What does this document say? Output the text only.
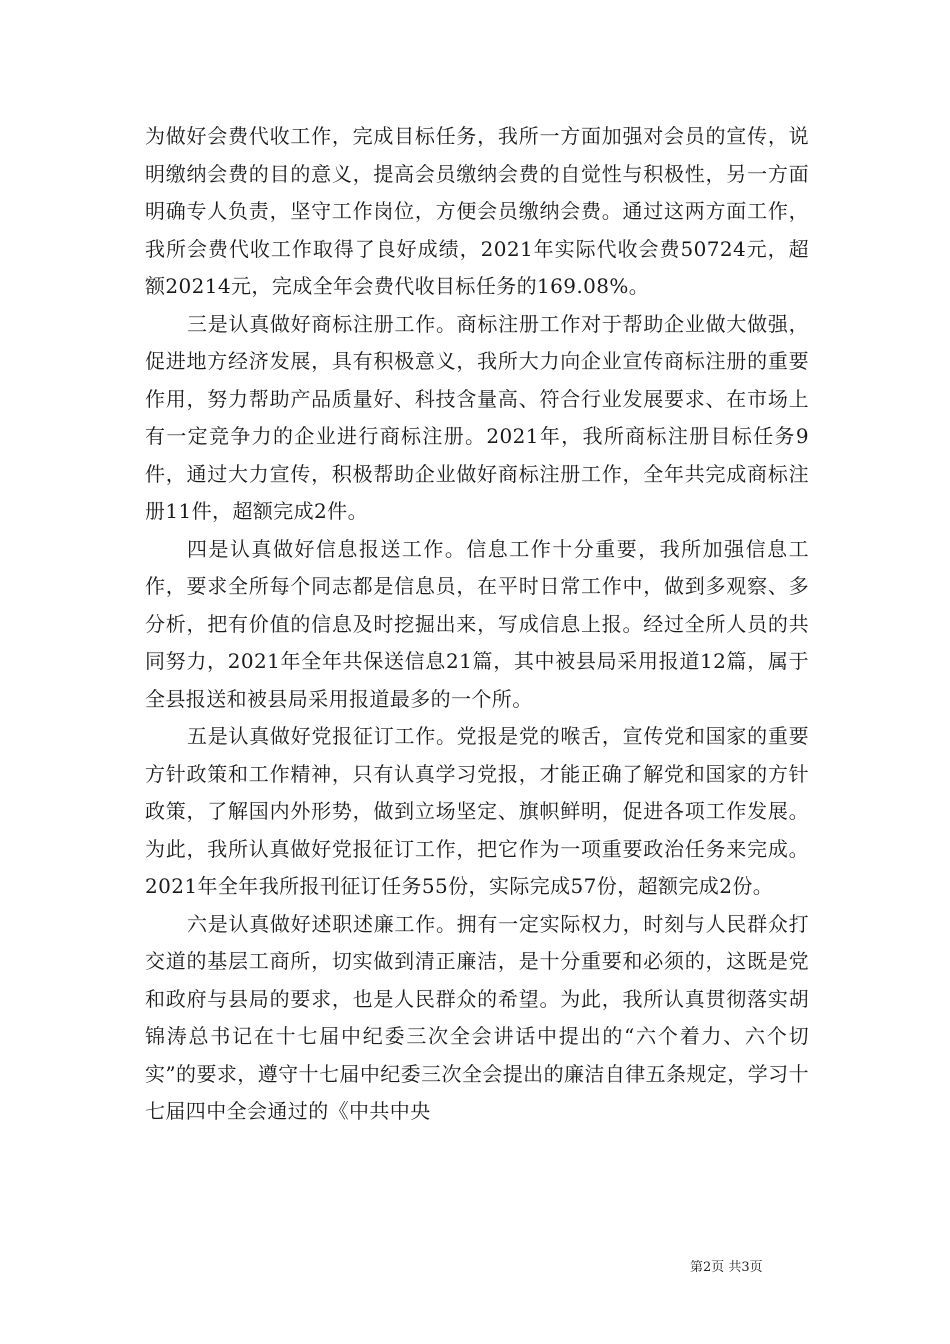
为做好会费代收工作，完成目标任务，我所一方面加强对会员的宣传，说明缴纳会费的目的意义，提高会员缴纳会费的自觉性与积极性，另一方面明确专人负责，坚守工作岗位，方便会员缴纳会费。通过这两方面工作，我所会费代收工作取得了良好成绩，2021年实际代收会费50724元，超额20214元，完成全年会费代收目标任务的169.08%。

三是认真做好商标注册工作。商标注册工作对于帮助企业做大做强，促进地方经济发展，具有积极意义，我所大力向企业宣传商标注册的重要作用，努力帮助产品质量好、科技含量高、符合行业发展要求、在市场上有一定竞争力的企业进行商标注册。2021年，我所商标注册目标任务9件，通过大力宣传，积极帮助企业做好商标注册工作，全年共完成商标注册11件，超额完成2件。

四是认真做好信息报送工作。信息工作十分重要，我所加强信息工作，要求全所每个同志都是信息员，在平时日常工作中，做到多观察、多分析，把有价值的信息及时挖掘出来，写成信息上报。经过全所人员的共同努力，2021年全年共保送信息21篇，其中被县局采用报道12篇，属于全县报送和被县局采用报道最多的一个所。

五是认真做好党报征订工作。党报是党的喉舌，宣传党和国家的重要方针政策和工作精神，只有认真学习党报，才能正确了解党和国家的方针政策，了解国内外形势，做到立场坚定、旗帜鲜明，促进各项工作发展。为此，我所认真做好党报征订工作，把它作为一项重要政治任务来完成。2021年全年我所报刊征订任务55份，实际完成57份，超额完成2份。

六是认真做好述职述廉工作。拥有一定实际权力，时刻与人民群众打交道的基层工商所，切实做到清正廉洁，是十分重要和必须的，这既是党和政府与县局的要求，也是人民群众的希望。为此，我所认真贯彻落实胡锦涛总书记在十七届中纪委三次全会讲话中提出的“六个着力、六个切实”的要求，遵守十七届中纪委三次全会提出的廉洁自律五条规定，学习十七届四中全会通过的《中共中央

第2页 共3页
